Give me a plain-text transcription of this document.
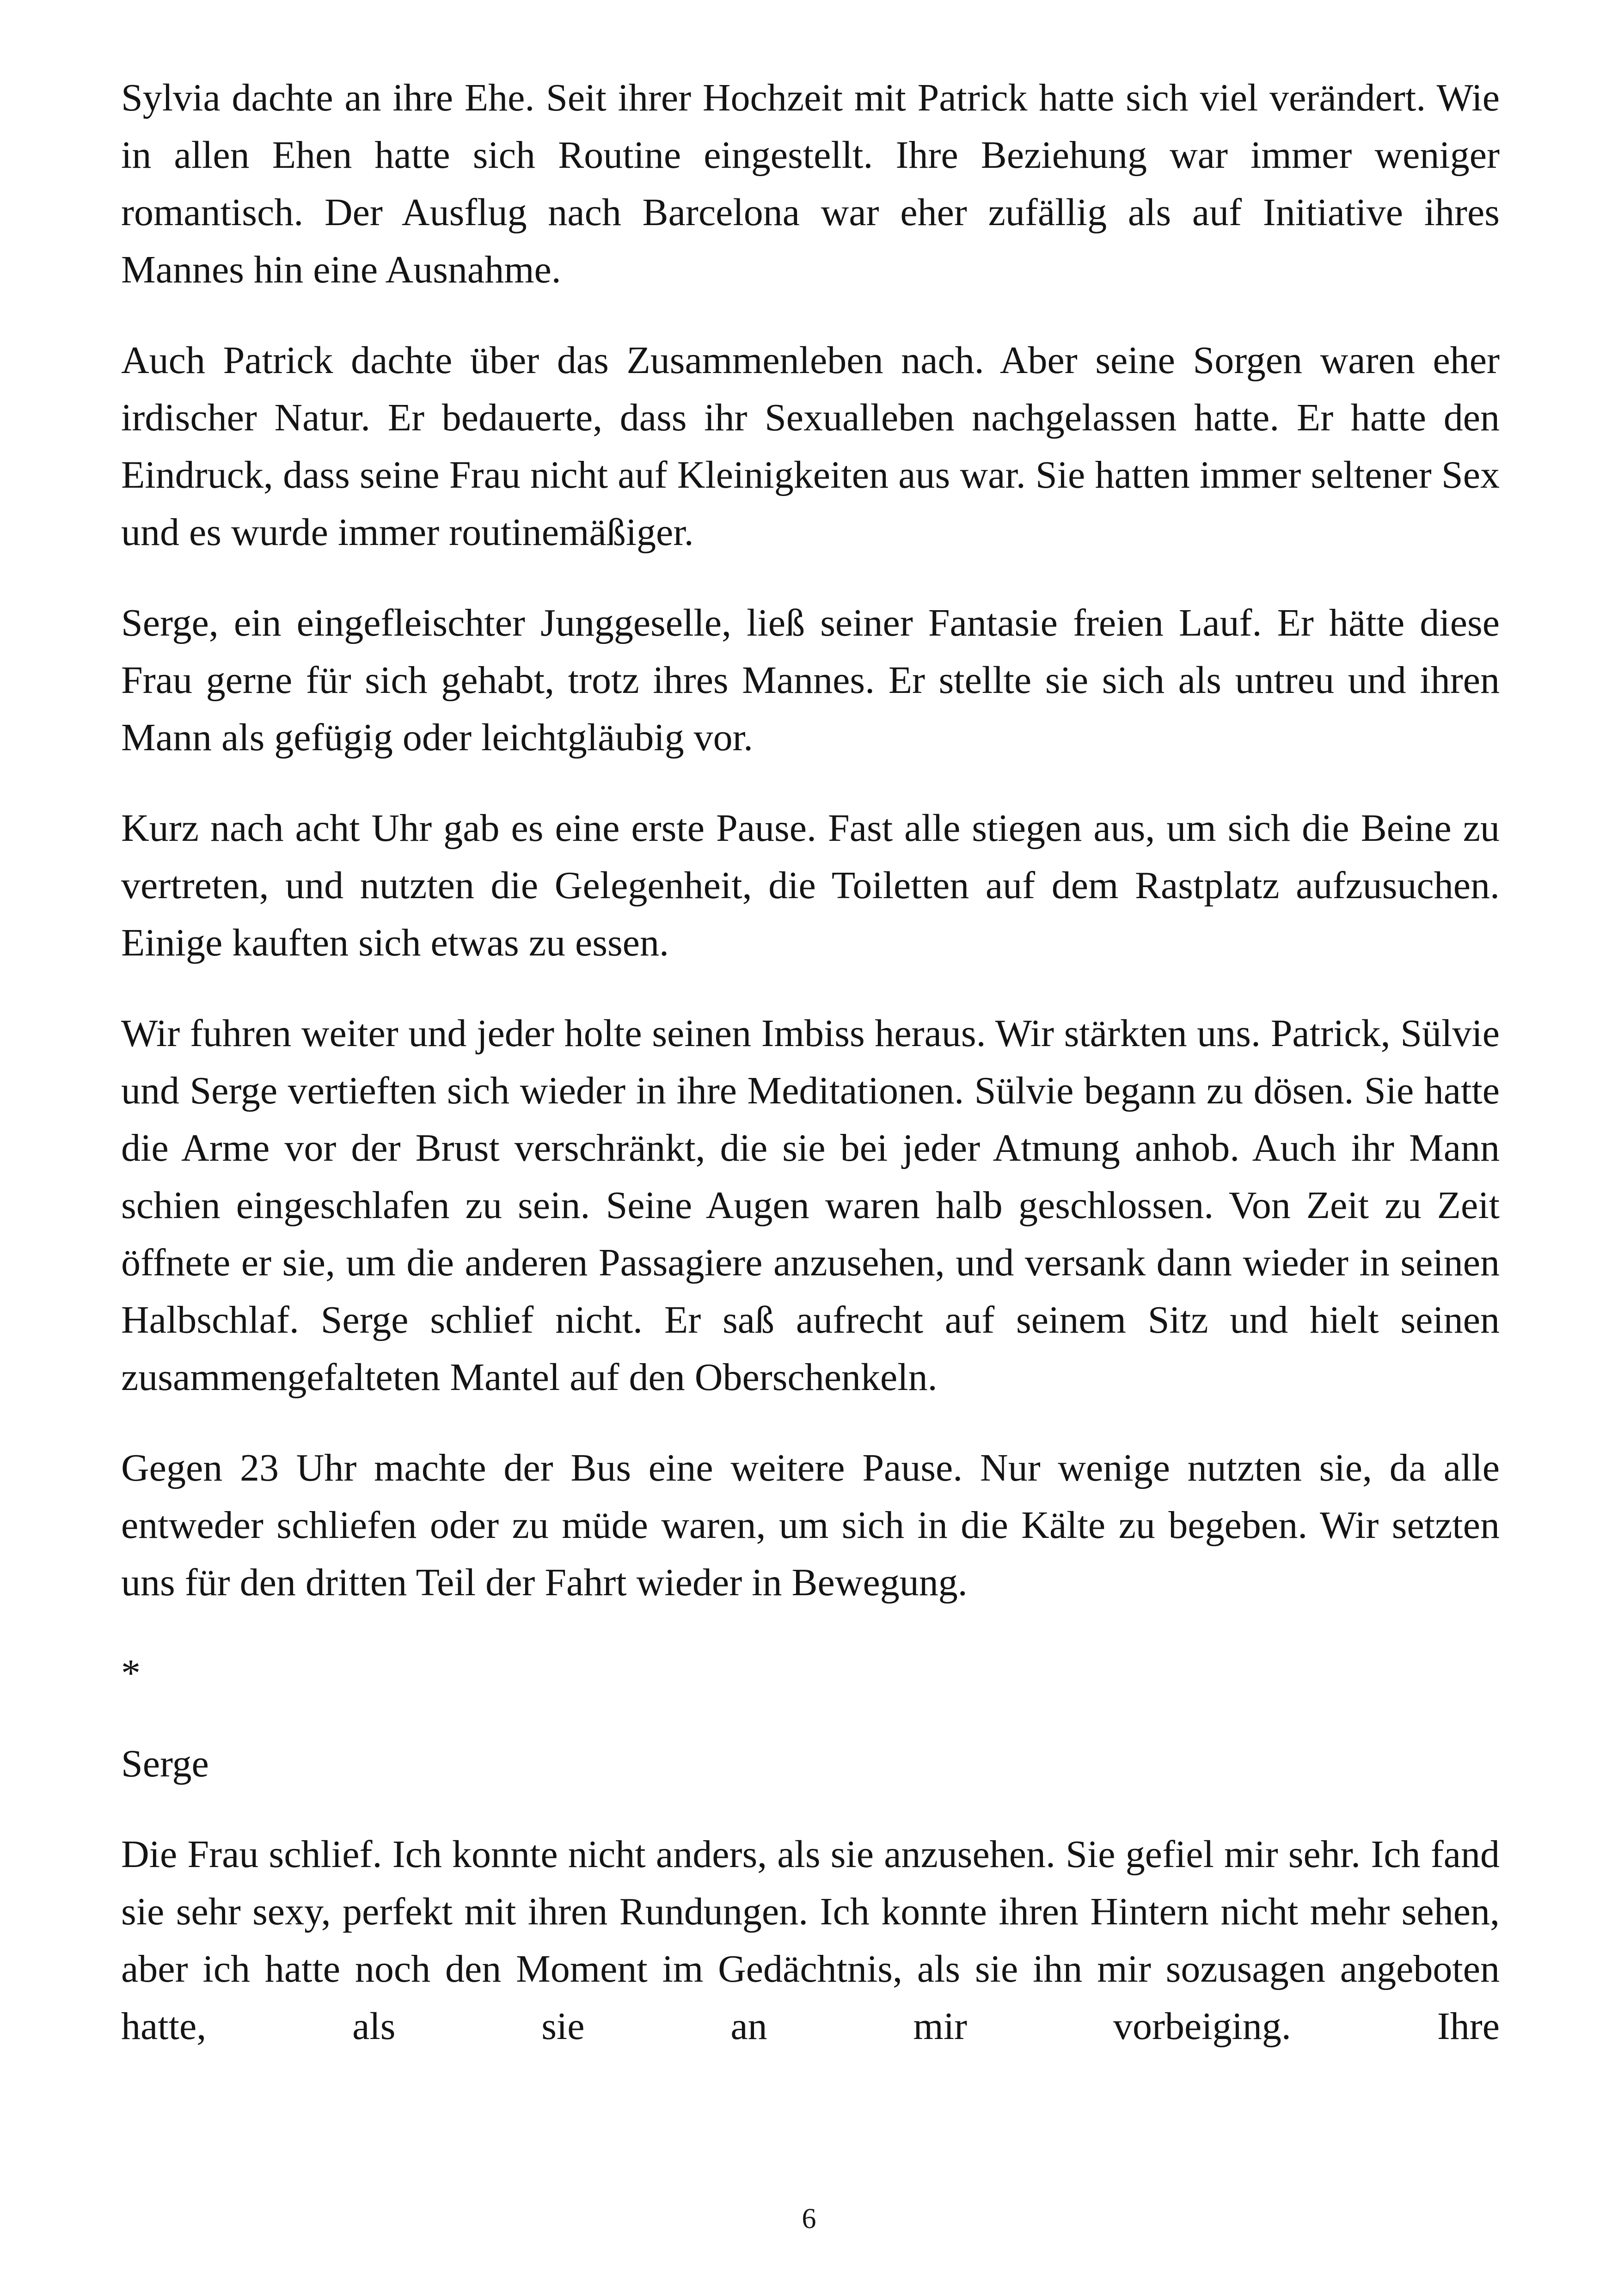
Sylvia dachte an ihre Ehe. Seit ihrer Hochzeit mit Patrick hatte sich viel verändert. Wie in allen Ehen hatte sich Routine eingestellt. Ihre Beziehung war immer weniger romantisch. Der Ausflug nach Barcelona war eher zufällig als auf Initiative ihres Mannes hin eine Ausnahme.

Auch Patrick dachte über das Zusammenleben nach. Aber seine Sorgen waren eher irdischer Natur. Er bedauerte, dass ihr Sexualleben nachgelassen hatte. Er hatte den Eindruck, dass seine Frau nicht auf Kleinigkeiten aus war. Sie hatten immer seltener Sex und es wurde immer routinemäßiger.

Serge, ein eingefleischter Junggeselle, ließ seiner Fantasie freien Lauf. Er hätte diese Frau gerne für sich gehabt, trotz ihres Mannes. Er stellte sie sich als untreu und ihren Mann als gefügig oder leichtgläubig vor.

Kurz nach acht Uhr gab es eine erste Pause. Fast alle stiegen aus, um sich die Beine zu vertreten, und nutzten die Gelegenheit, die Toiletten auf dem Rastplatz aufzusuchen. Einige kauften sich etwas zu essen.

Wir fuhren weiter und jeder holte seinen Imbiss heraus. Wir stärkten uns. Patrick, Sülvie und Serge vertieften sich wieder in ihre Meditationen. Sülvie begann zu dösen. Sie hatte die Arme vor der Brust verschränkt, die sie bei jeder Atmung anhob. Auch ihr Mann schien eingeschlafen zu sein. Seine Augen waren halb geschlossen. Von Zeit zu Zeit öffnete er sie, um die anderen Passagiere anzusehen, und versank dann wieder in seinen Halbschlaf. Serge schlief nicht. Er saß aufrecht auf seinem Sitz und hielt seinen zusammengefalteten Mantel auf den Oberschenkeln.

Gegen 23 Uhr machte der Bus eine weitere Pause. Nur wenige nutzten sie, da alle entweder schliefen oder zu müde waren, um sich in die Kälte zu begeben. Wir setzten uns für den dritten Teil der Fahrt wieder in Bewegung.

*

Serge

Die Frau schlief. Ich konnte nicht anders, als sie anzusehen. Sie gefiel mir sehr. Ich fand sie sehr sexy, perfekt mit ihren Rundungen. Ich konnte ihren Hintern nicht mehr sehen, aber ich hatte noch den Moment im Gedächtnis, als sie ihn mir sozusagen angeboten hatte, als sie an mir vorbeiging. Ihre

6
